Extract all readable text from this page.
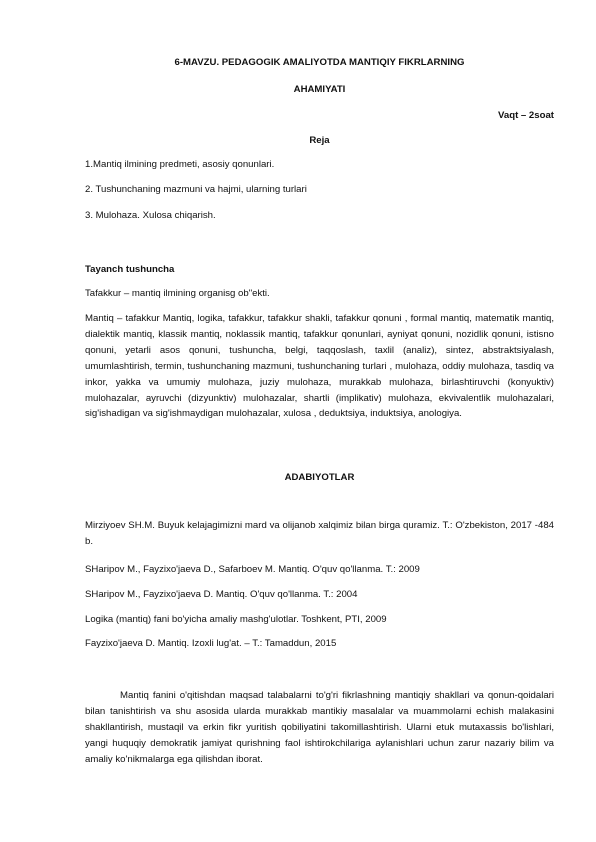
6-MAVZU. PEDAGOGIK AMALIYOTDA MANTIQIY FIKRLARNING
AHAMIYATI
Vaqt – 2soat
Reja
1.Mantiq ilmining predmeti, asosiy qonunlari.
2. Tushunchaning mazmuni va hajmi, ularning turlari
3. Mulohaza. Xulosa chiqarish.
Tayanch tushuncha
Tafakkur – mantiq ilmining organisg ob"ekti.
Mantiq – tafakkur Mantiq, logika, tafakkur, tafakkur shakli, tafakkur qonuni , formal mantiq, matematik mantiq, dialektik mantiq, klassik mantiq, noklassik mantiq, tafakkur qonunlari, ayniyat qonuni, nozidlik qonuni, istisno qonuni, yetarli asos qonuni, tushuncha, belgi, taqqoslash, taxlil (analiz), sintez, abstraktsiyalash, umumlashtirish, termin, tushunchaning mazmuni, tushunchaning turlari , mulohaza, oddiy mulohaza, tasdiq va inkor, yakka va umumiy mulohaza, juziy mulohaza, murakkab mulohaza, birlashtiruvchi (konyuktiv) mulohazalar, ayruvchi (dizyunktiv) mulohazalar, shartli (implikativ) mulohaza, ekvivalentlik mulohazalari, sig'ishadigan va sig'ishmaydigan mulohazalar, xulosa , deduktsiya, induktsiya, anologiya.
ADABIYOTLAR
Mirziyoev SH.M. Buyuk kelajagimizni mard va olijanob xalqimiz bilan birga quramiz. T.: O'zbekiston, 2017 -484 b.
SHaripov M., Fayzixo'jaeva D., Safarboev M. Mantiq. O'quv qo'llanma. T.: 2009
SHaripov M., Fayzixo'jaeva D. Mantiq. O'quv qo'llanma. T.: 2004
Logika (mantiq) fani bo'yicha amaliy mashg'ulotlar. Toshkent, PTI, 2009
Fayzixo'jaeva D. Mantiq. Izoxli lug'at. – T.: Tamaddun, 2015
Mantiq fanini o'qitishdan maqsad talabalarni to'g'ri fikrlashning mantiqiy shakllari va qonun-qoidalari bilan tanishtirish va shu asosida ularda murakkab mantikiy masalalar va muammolarni echish malakasini shakllantirish, mustaqil va erkin fikr yuritish qobiliyatini takomillashtirish. Ularni etuk mutaxassis bo'lishlari, yangi huquqiy demokratik jamiyat qurishning faol ishtirokchilariga aylanishlari uchun zarur nazariy bilim va amaliy ko'nikmalarga ega qilishdan iborat.
